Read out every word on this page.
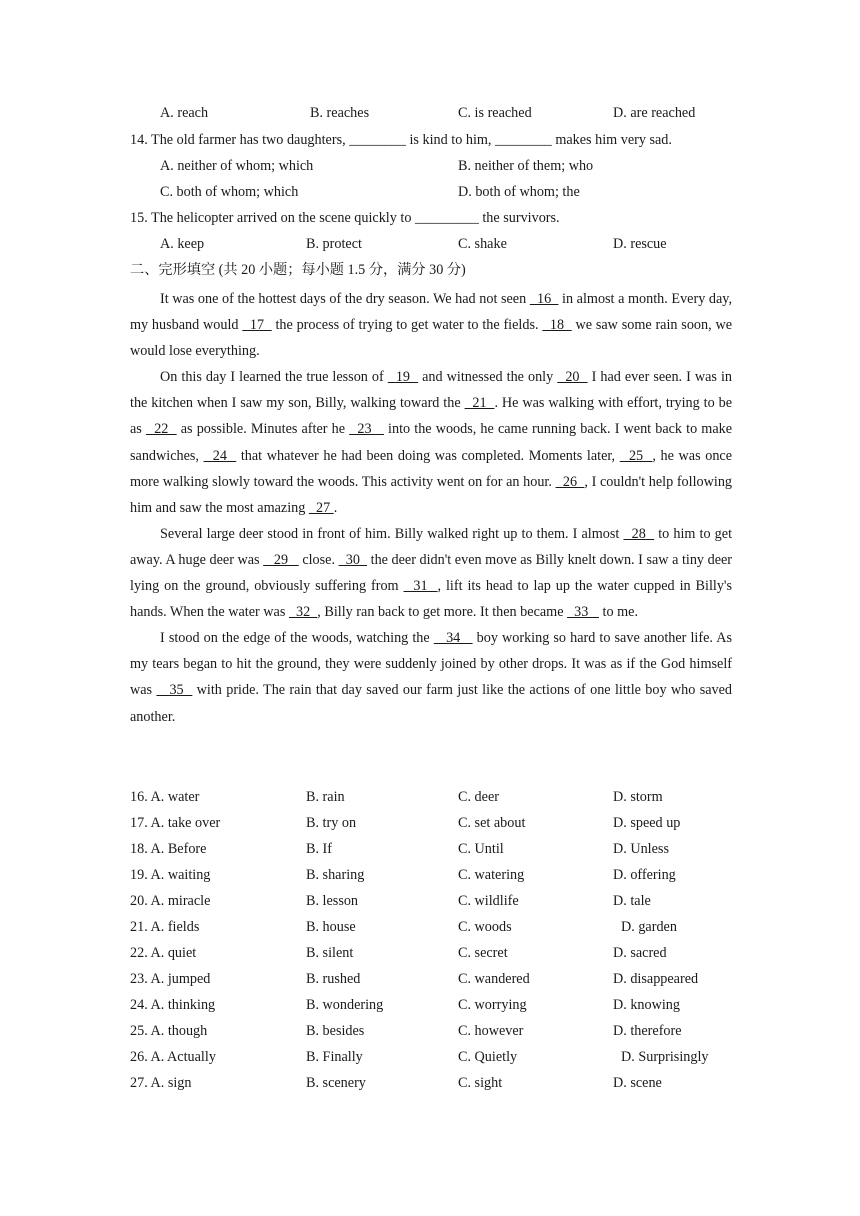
A. reach	B. reaches	C. is reached	D. are reached
14. The old farmer has two daughters, ________ is kind to him, ________ makes him very sad.
A. neither of whom; which	B. neither of them; who
C. both of whom; which	D. both of whom; the
15. The helicopter arrived on the scene quickly to _________ the survivors.
A. keep	B. protect	C. shake	D. rescue
二、完形填空 (共 20 小题；每小题 1.5 分，满分 30 分)

It was one of the hottest days of the dry season. We had not seen   16   in almost a month. Every day, my husband would   17   the process of trying to get water to the fields.   18   we saw some rain soon, we would lose everything.

On this day I learned the true lesson of   19   and witnessed the only   20   I had ever seen. I was in the kitchen when I saw my son, Billy, walking toward the   21  . He was walking with effort, trying to be as   22   as possible. Minutes after he   23    into the woods, he came running back. I went back to make sandwiches,   24   that whatever he had been doing was completed. Moments later,   25  , he was once more walking slowly toward the woods. This activity went on for an hour.   26  , I couldn't help following him and saw the most amazing   27 .

Several large deer stood in front of him. Billy walked right up to them. I almost   28   to him to get away. A huge deer was    29    close.   30   the deer didn't even move as Billy knelt down. I saw a tiny deer lying on the ground, obviously suffering from   31  , lift its head to lap up the water cupped in Billy's hands. When the water was   32  , Billy ran back to get more. It then became   33    to me.

I stood on the edge of the woods, watching the    34    boy working so hard to save another life. As my tears began to hit the ground, they were suddenly joined by other drops. It was as if the God himself was    35   with pride. The rain that day saved our farm just like the actions of one little boy who saved another.

16. A. water	B. rain	C. deer	D. storm
17. A. take over	B. try on	C. set about	D. speed up
18. A. Before	B. If	C. Until	D. Unless
19. A. waiting	B. sharing	C. watering	D. offering
20. A. miracle	B. lesson	C. wildlife	D. tale
21. A. fields	B. house	C. woods	D. garden
22. A. quiet	B. silent	C. secret	D. sacred
23. A. jumped	B. rushed	C. wandered	D. disappeared
24. A. thinking	B. wondering	C. worrying	D. knowing
25. A. though	B. besides	C. however	D. therefore
26. A. Actually	B. Finally	C. Quietly	D. Surprisingly
27. A. sign	B. scenery	C. sight	D. scene
